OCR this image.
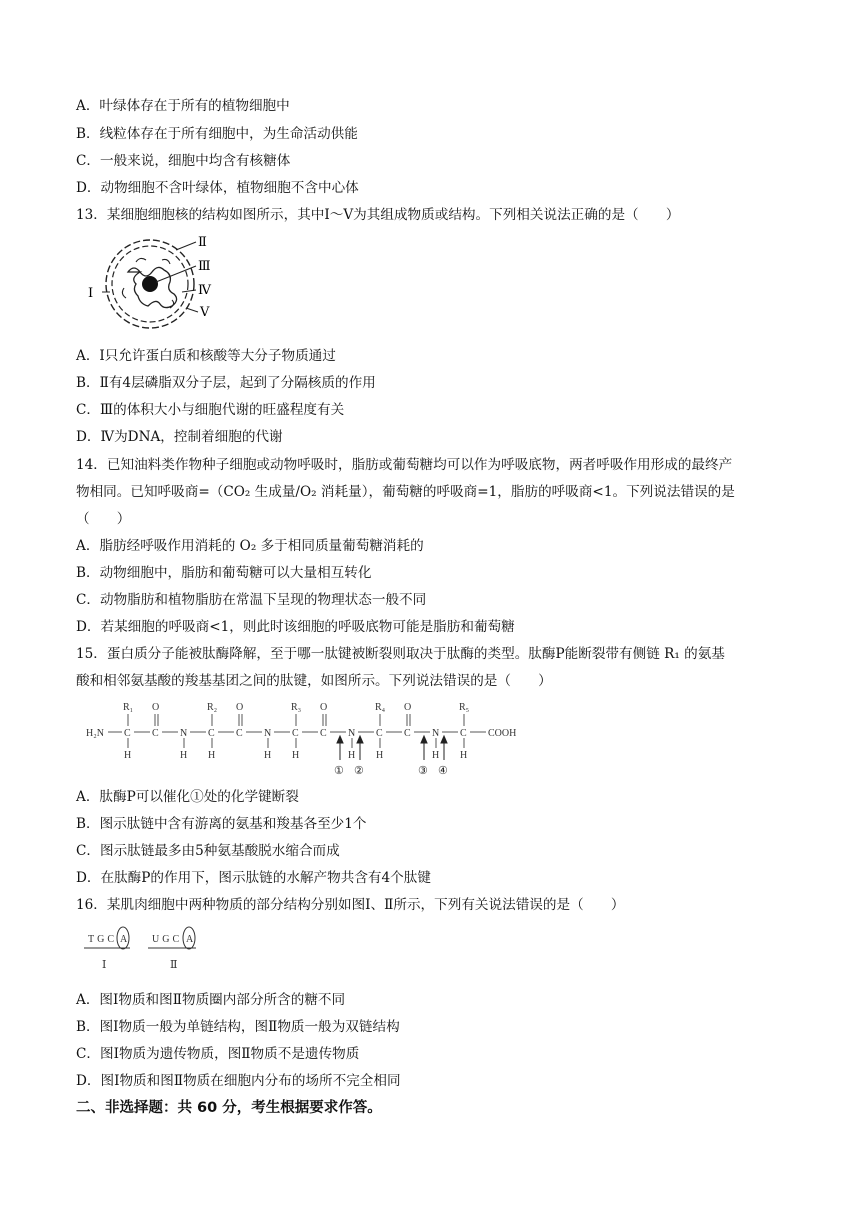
A．叶绿体存在于所有的植物细胞中
B．线粒体存在于所有细胞中，为生命活动供能
C．一般来说，细胞中均含有核糖体
D．动物细胞不含叶绿体，植物细胞不含中心体
13．某细胞细胞核的结构如图所示，其中Ⅰ～Ⅴ为其组成物质或结构。下列相关说法正确的是（　　）
Ⅰ
Ⅱ
Ⅲ
Ⅳ
Ⅴ
A．Ⅰ只允许蛋白质和核酸等大分子物质通过
B．Ⅱ有4层磷脂双分子层，起到了分隔核质的作用
C．Ⅲ的体积大小与细胞代谢的旺盛程度有关
D．Ⅳ为DNA，控制着细胞的代谢
14．已知油料类作物种子细胞或动物呼吸时，脂肪或葡萄糖均可以作为呼吸底物，两者呼吸作用形成的最终产
物相同。已知呼吸商=（CO₂ 生成量/O₂ 消耗量），葡萄糖的呼吸商=1，脂肪的呼吸商<1。下列说法错误的是
（　　）
A．脂肪经呼吸作用消耗的 O₂ 多于相同质量葡萄糖消耗的
B．动物细胞中，脂肪和葡萄糖可以大量相互转化
C．动物脂肪和植物脂肪在常温下呈现的物理状态一般不同
D．若某细胞的呼吸商<1，则此时该细胞的呼吸底物可能是脂肪和葡萄糖
15．蛋白质分子能被肽酶降解，至于哪一肽键被断裂则取决于肽酶的类型。肽酶P能断裂带有侧链 R₁ 的氨基
酸和相邻氨基酸的羧基基团之间的肽键，如图所示。下列说法错误的是（　　）
H₂N C
R₁
H
C
O
N
H
C
R₂
H
C
O
N
H
C
R₃
H
C
O
N
H
C
R₄
H
C
O
N
H
C
R₅
H
COOH
① ②	③ ④
A．肽酶P可以催化①处的化学键断裂
B．图示肽链中含有游离的氨基和羧基各至少1个
C．图示肽链最多由5种氨基酸脱水缩合而成
D．在肽酶P的作用下，图示肽链的水解产物共含有4个肽键
16．某肌肉细胞中两种物质的部分结构分别如图Ⅰ、Ⅱ所示，下列有关说法错误的是（　　）
TGC A UGC A
Ⅰ	Ⅱ
A．图Ⅰ物质和图Ⅱ物质圈内部分所含的糖不同
B．图Ⅰ物质一般为单链结构，图Ⅱ物质一般为双链结构
C．图Ⅰ物质为遗传物质，图Ⅱ物质不是遗传物质
D．图Ⅰ物质和图Ⅱ物质在细胞内分布的场所不完全相同
二、非选择题：共 60 分，考生根据要求作答。
